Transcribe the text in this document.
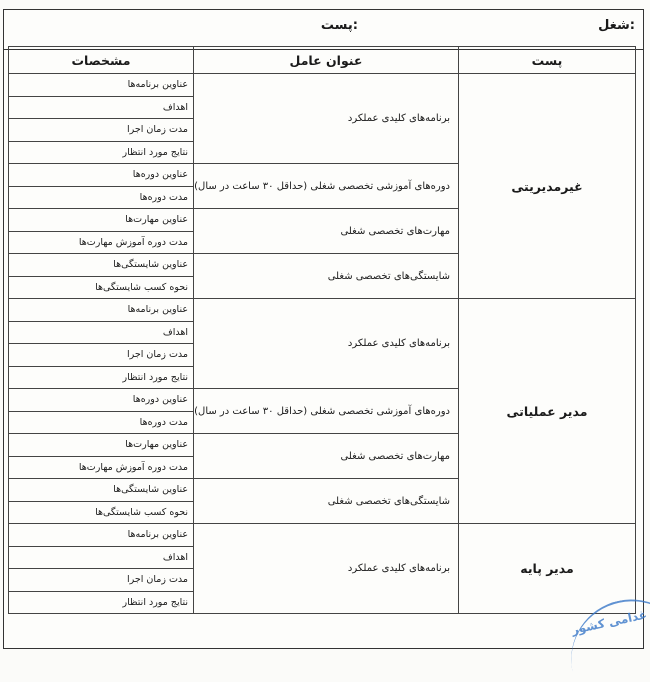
شغل:
پست:
پست	عنوان عامل	مشخصات
غیرمدیریتی	برنامه‌های کلیدی عملکرد	عناوین برنامه‌ها
		اهداف
		مدت زمان اجرا
		نتایج مورد انتظار
	دوره‌های آموزشی تخصصی شغلی (حداقل ۳۰ ساعت در سال)	عناوین دوره‌ها
		مدت دوره‌ها
	مهارت‌های تخصصی شغلی	عناوین مهارت‌ها
		مدت دوره آموزش مهارت‌ها
	شایستگی‌های تخصصی شغلی	عناوین شایستگی‌ها
		نحوه کسب شایستگی‌ها
مدیر عملیاتی	برنامه‌های کلیدی عملکرد	عناوین برنامه‌ها
		اهداف
		مدت زمان اجرا
		نتایج مورد انتظار
	دوره‌های آموزشی تخصصی شغلی (حداقل ۳۰ ساعت در سال)	عناوین دوره‌ها
		مدت دوره‌ها
	مهارت‌های تخصصی شغلی	عناوین مهارت‌ها
		مدت دوره آموزش مهارت‌ها
	شایستگی‌های تخصصی شغلی	عناوین شایستگی‌ها
		نحوه کسب شایستگی‌ها
مدیر پایه	برنامه‌های کلیدی عملکرد	عناوین برنامه‌ها
		اهداف
		مدت زمان اجرا
		نتایج مورد انتظار
غدامی کشور
